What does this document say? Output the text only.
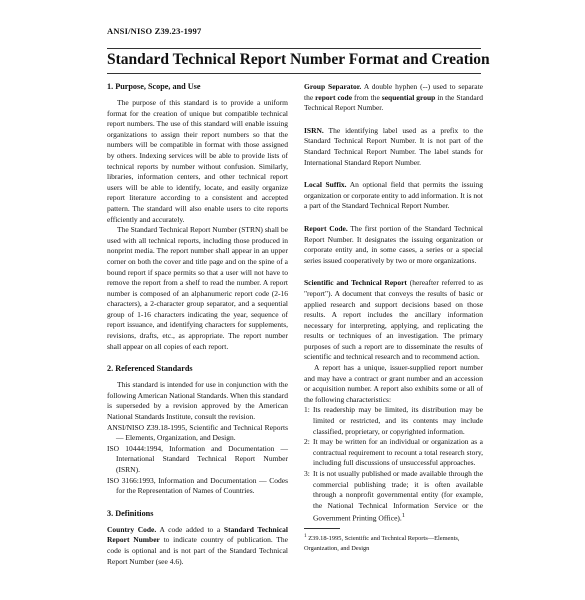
ANSI/NISO Z39.23-1997
Standard Technical Report Number Format and Creation
1. Purpose, Scope, and Use

The purpose of this standard is to provide a uniform format for the creation of unique but compatible technical report numbers. The use of this standard will enable issuing organizations to assign their report numbers so that the numbers will be compatible in format with those assigned by others. Indexing services will be able to provide lists of technical reports by number without confusion. Similarly, libraries, information centers, and other technical report users will be able to identify, locate, and easily organize report literature according to a consistent and accepted pattern. The standard will also enable users to cite reports efficiently and accurately.

The Standard Technical Report Number (STRN) shall be used with all technical reports, including those produced in nonprint media. The report number shall appear in an upper corner on both the cover and title page and on the spine of a bound report if space permits so that a user will not have to remove the report from a shelf to read the number. A report number is composed of an alphanumeric report code (2-16 characters), a 2-character group separator, and a sequential group of 1-16 characters indicating the year, sequence of report issuance, and identifying characters for supplements, revisions, drafts, etc., as appropriate. The report number shall appear on all copies of each report.

2. Referenced Standards

This standard is intended for use in conjunction with the following American National Standards. When this standard is superseded by a revision approved by the American National Standards Institute, consult the revision.

ANSI/NISO Z39.18-1995, Scientific and Technical Reports — Elements, Organization, and Design.

ISO 10444:1994, Information and Documentation — International Standard Technical Report Number (ISRN).

ISO 3166:1993, Information and Documentation — Codes for the Representation of Names of Countries.

3. Definitions

Country Code. A code added to a Standard Technical Report Number to indicate country of publication. The code is optional and is not part of the Standard Technical Report Number (see 4.6).

Group Separator. A double hyphen (--) used to separate the report code from the sequential group in the Standard Technical Report Number.

ISRN. The identifying label used as a prefix to the Standard Technical Report Number. It is not part of the Standard Technical Report Number. The label stands for International Standard Report Number.

Local Suffix. An optional field that permits the issuing organization or corporate entity to add information. It is not a part of the Standard Technical Report Number.

Report Code. The first portion of the Standard Technical Report Number. It designates the issuing organization or corporate entity and, in some cases, a series or a special series issued cooperatively by two or more organizations.

Scientific and Technical Report (hereafter referred to as "report"). A document that conveys the results of basic or applied research and support decisions based on those results. A report includes the ancillary information necessary for interpreting, applying, and replicating the results or techniques of an investigation. The primary purposes of such a report are to disseminate the results of scientific and technical research and to recommend action.

A report has a unique, issuer-supplied report number and may have a contract or grant number and an accession or acquisition number. A report also exhibits some or all of the following characteristics:

1: Its readership may be limited, its distribution may be limited or restricted, and its contents may include classified, proprietary, or copyrighted information.
2: It may be written for an individual or organization as a contractual requirement to recount a total research story, including full discussions of unsuccessful approaches.
3: It is not usually published or made available through the commercial publishing trade; it is often available through a nonprofit governmental entity (for example, the National Technical Information Service or the Government Printing Office).$^1$

$^1$ Z39.18-1995, Scientific and Technical Reports—Elements, Organization, and Design
